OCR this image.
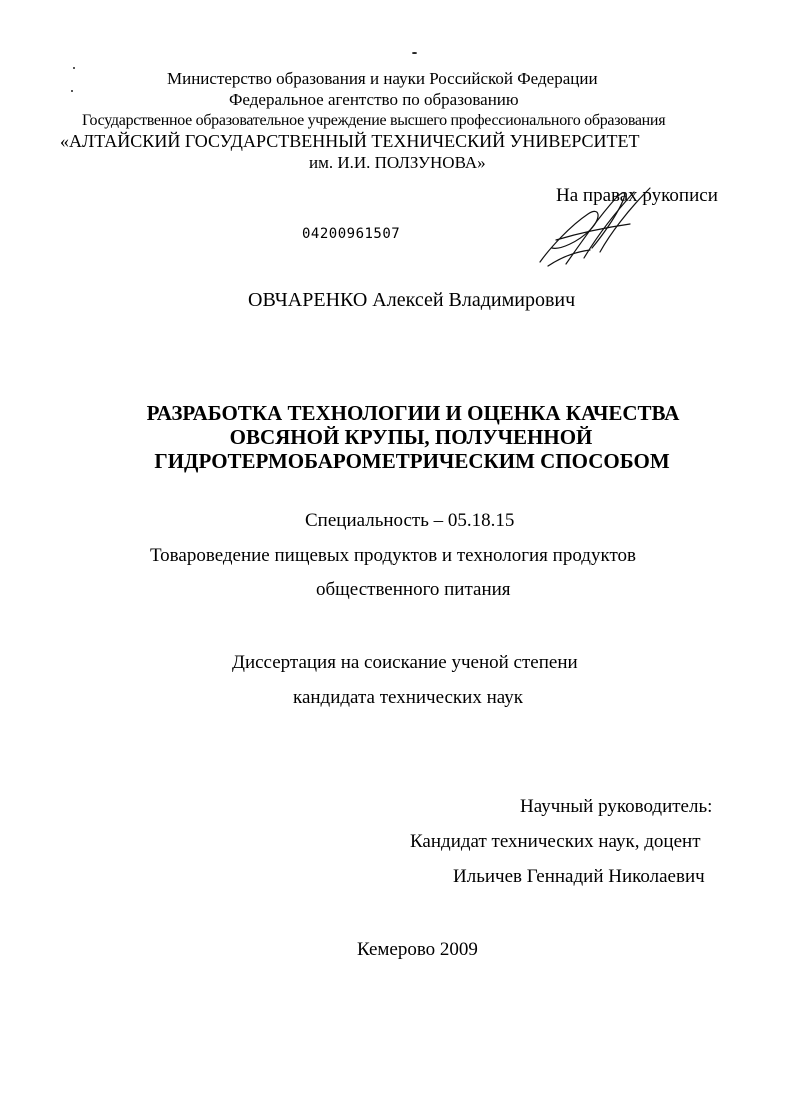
Министерство образования и науки Российской Федерации
Федеральное агентство по образованию
Государственное образовательное учреждение высшего профессионального образования
«АЛТАЙСКИЙ ГОСУДАРСТВЕННЫЙ ТЕХНИЧЕСКИЙ УНИВЕРСИТЕТ
им. И.И. ПОЛЗУНОВА»
На правах рукописи
04200961507
ОВЧАРЕНКО Алексей Владимирович
РАЗРАБОТКА ТЕХНОЛОГИИ И ОЦЕНКА КАЧЕСТВА
ОВСЯНОЙ КРУПЫ, ПОЛУЧЕННОЙ
ГИДРОТЕРМОБАРОМЕТРИЧЕСКИМ СПОСОБОМ
Специальность – 05.18.15
Товароведение пищевых продуктов и технология продуктов
общественного питания
Диссертация на соискание ученой степени
кандидата технических наук
Научный руководитель:
Кандидат технических наук, доцент
Ильичев Геннадий Николаевич
Кемерово 2009
